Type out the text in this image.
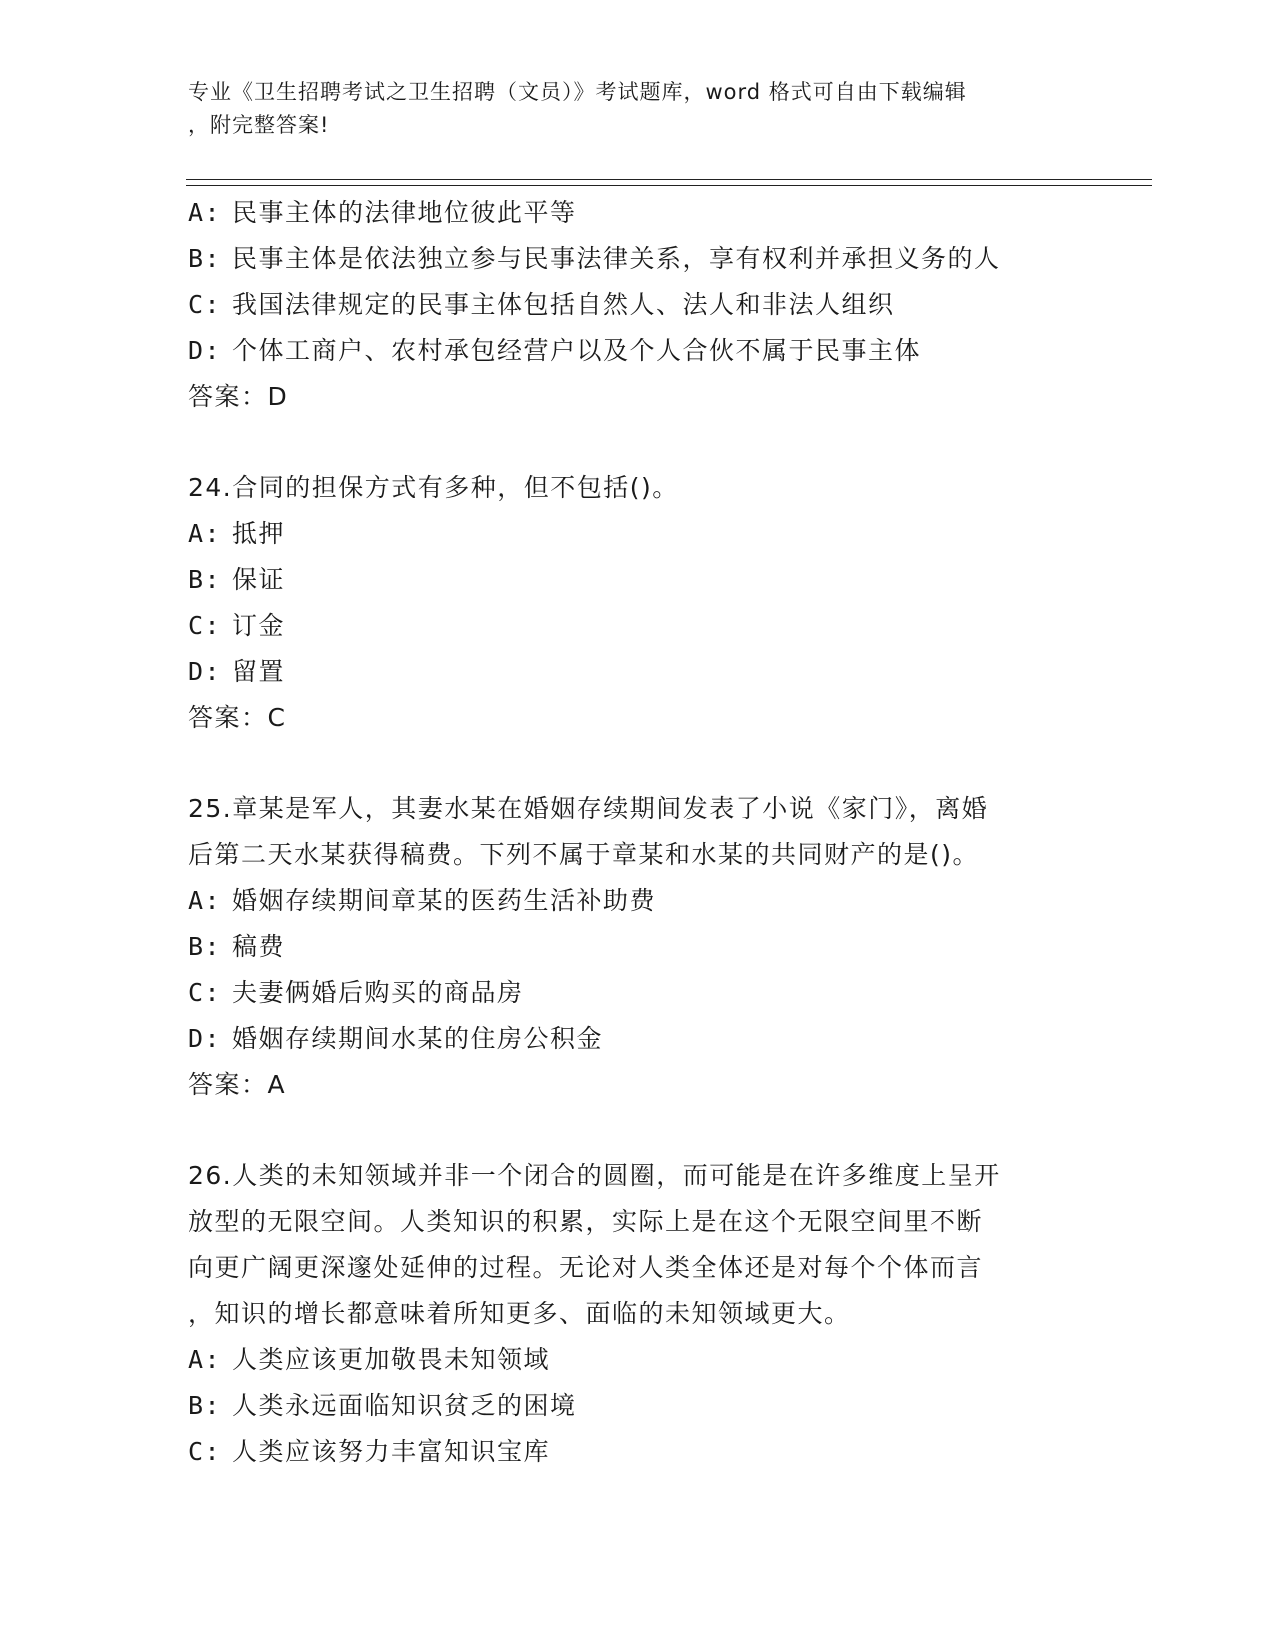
专业《卫生招聘考试之卫生招聘（文员）》考试题库，word 格式可自由下载编辑
，附完整答案!
A: 民事主体的法律地位彼此平等
B: 民事主体是依法独立参与民事法律关系，享有权利并承担义务的人
C: 我国法律规定的民事主体包括自然人、法人和非法人组织
D: 个体工商户、农村承包经营户以及个人合伙不属于民事主体
答案：D
24.合同的担保方式有多种，但不包括()。
A: 抵押
B: 保证
C: 订金
D: 留置
答案：C
25.章某是军人，其妻水某在婚姻存续期间发表了小说《家门》，离婚
后第二天水某获得稿费。下列不属于章某和水某的共同财产的是()。
A: 婚姻存续期间章某的医药生活补助费
B: 稿费
C: 夫妻俩婚后购买的商品房
D: 婚姻存续期间水某的住房公积金
答案：A
26.人类的未知领域并非一个闭合的圆圈，而可能是在许多维度上呈开
放型的无限空间。人类知识的积累，实际上是在这个无限空间里不断
向更广阔更深邃处延伸的过程。无论对人类全体还是对每个个体而言
，知识的增长都意味着所知更多、面临的未知领域更大。
A: 人类应该更加敬畏未知领域
B: 人类永远面临知识贫乏的困境
C: 人类应该努力丰富知识宝库
